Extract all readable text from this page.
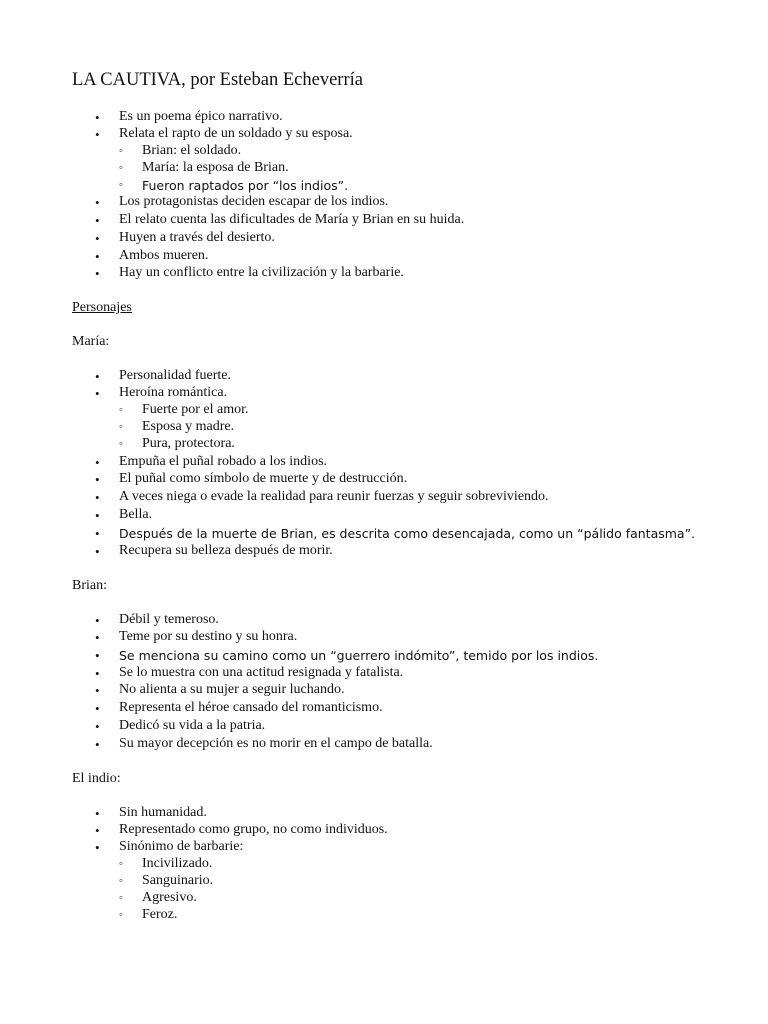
LA CAUTIVA, por Esteban Echeverría
• Es un poema épico narrativo.
• Relata el rapto de un soldado y su esposa.
◦ Brian: el soldado.
◦ María: la esposa de Brian.
◦ Fueron raptados por “los indios”.
• Los protagonistas deciden escapar de los indios.
• El relato cuenta las dificultades de María y Brian en su huida.
• Huyen a través del desierto.
• Ambos mueren.
• Hay un conflicto entre la civilización y la barbarie.
Personajes
María:
• Personalidad fuerte.
• Heroína romántica.
◦ Fuerte por el amor.
◦ Esposa y madre.
◦ Pura, protectora.
• Empuña el puñal robado a los indios.
• El puñal como símbolo de muerte y de destrucción.
• A veces niega o evade la realidad para reunir fuerzas y seguir sobreviviendo.
• Bella.
• Después de la muerte de Brian, es descrita como desencajada, como un “pálido fantasma”.
• Recupera su belleza después de morir.
Brian:
• Débil y temeroso.
• Teme por su destino y su honra.
• Se menciona su camino como un “guerrero indómito”, temido por los indios.
• Se lo muestra con una actitud resignada y fatalista.
• No alienta a su mujer a seguir luchando.
• Representa el héroe cansado del romanticismo.
• Dedicó su vida a la patria.
• Su mayor decepción es no morir en el campo de batalla.
El indio:
• Sin humanidad.
• Representado como grupo, no como individuos.
• Sinónimo de barbarie:
◦ Incivilizado.
◦ Sanguinario.
◦ Agresivo.
◦ Feroz.
